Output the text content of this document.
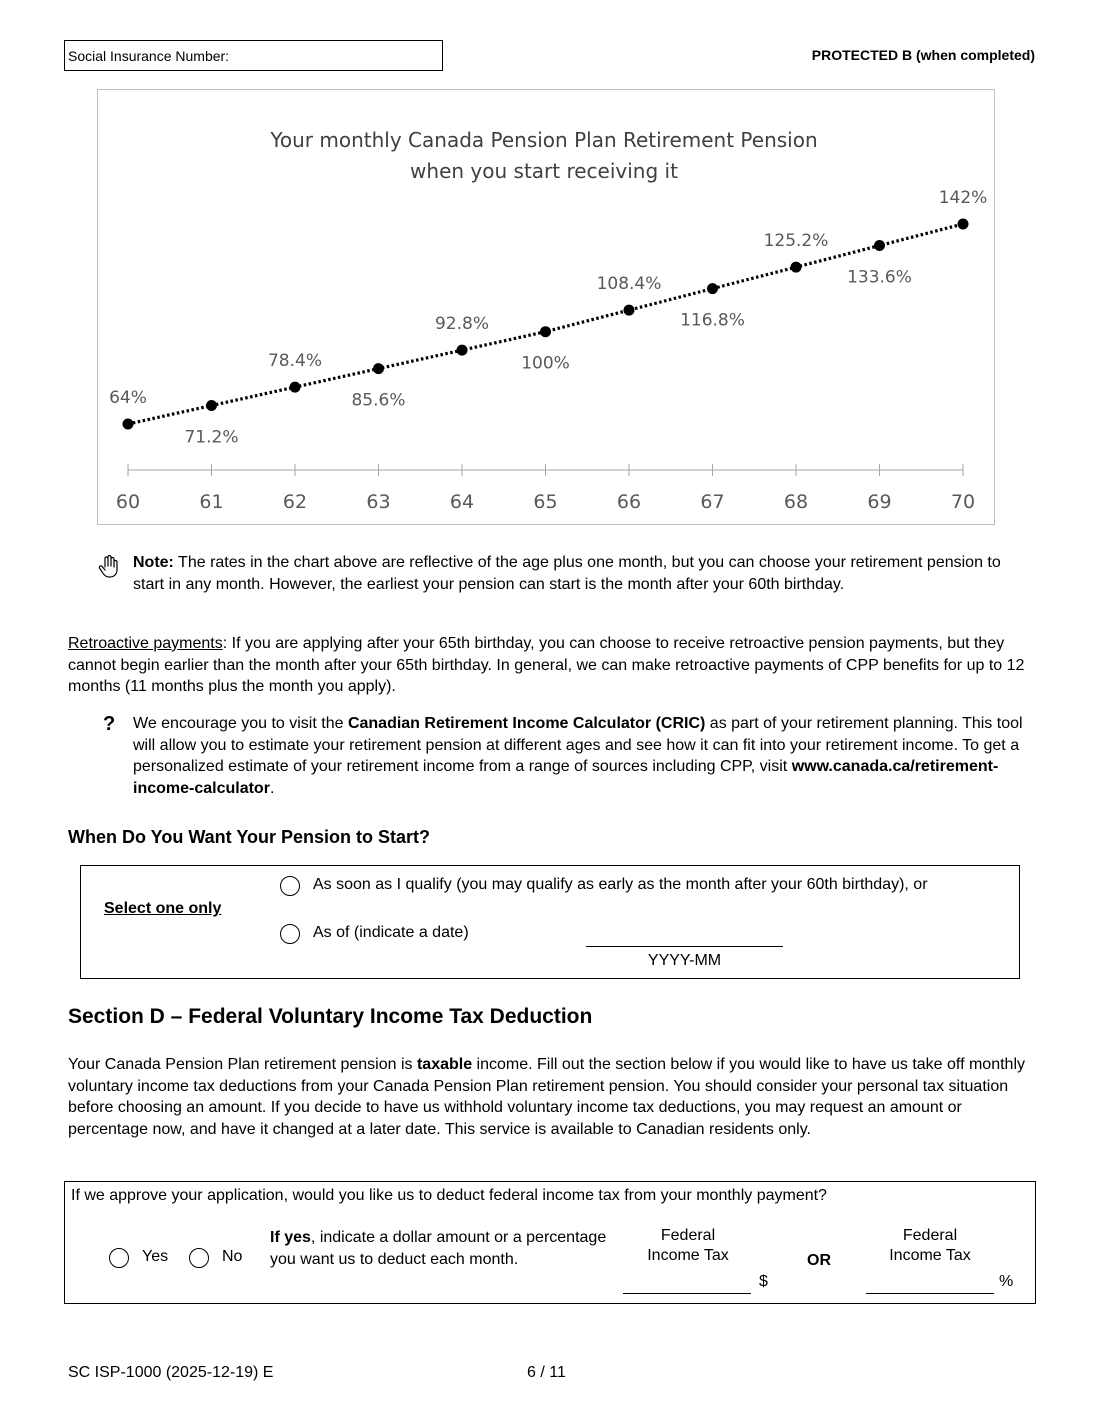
Social Insurance Number:	PROTECTED B (when completed)
Your monthly Canada Pension Plan Retirement Pension
when you start receiving it
60	61	62	63	64	65	66	67	68	69	70
64%
71.2%
78.4%
85.6%
92.8%
100%
108.4%
116.8%
125.2%
133.6%
142%
Note: The rates in the chart above are reflective of the age plus one month, but you can choose your retirement pension to start in any month. However, the earliest your pension can start is the month after your 60th birthday.
Retroactive payments: If you are applying after your 65th birthday, you can choose to receive retroactive pension payments, but they cannot begin earlier than the month after your 65th birthday. In general, we can make retroactive payments of CPP benefits for up to 12 months (11 months plus the month you apply).
? We encourage you to visit the Canadian Retirement Income Calculator (CRIC) as part of your retirement planning. This tool will allow you to estimate your retirement pension at different ages and see how it can fit into your retirement income. To get a personalized estimate of your retirement income from a range of sources including CPP, visit www.canada.ca/retirement-income-calculator.
When Do You Want Your Pension to Start?
Select one only
As soon as I qualify (you may qualify as early as the month after your 60th birthday), or
As of (indicate a date)
YYYY-MM
Section D – Federal Voluntary Income Tax Deduction
Your Canada Pension Plan retirement pension is taxable income. Fill out the section below if you would like to have us take off monthly voluntary income tax deductions from your Canada Pension Plan retirement pension. You should consider your personal tax situation before choosing an amount. If you decide to have us withhold voluntary income tax deductions, you may request an amount or percentage now, and have it changed at a later date. This service is available to Canadian residents only.
If we approve your application, would you like us to deduct federal income tax from your monthly payment?
Yes	No
If yes, indicate a dollar amount or a percentage you want us to deduct each month.
Federal
Income Tax
$
OR
Federal
Income Tax
%
SC ISP-1000 (2025-12-19) E	6 / 11
